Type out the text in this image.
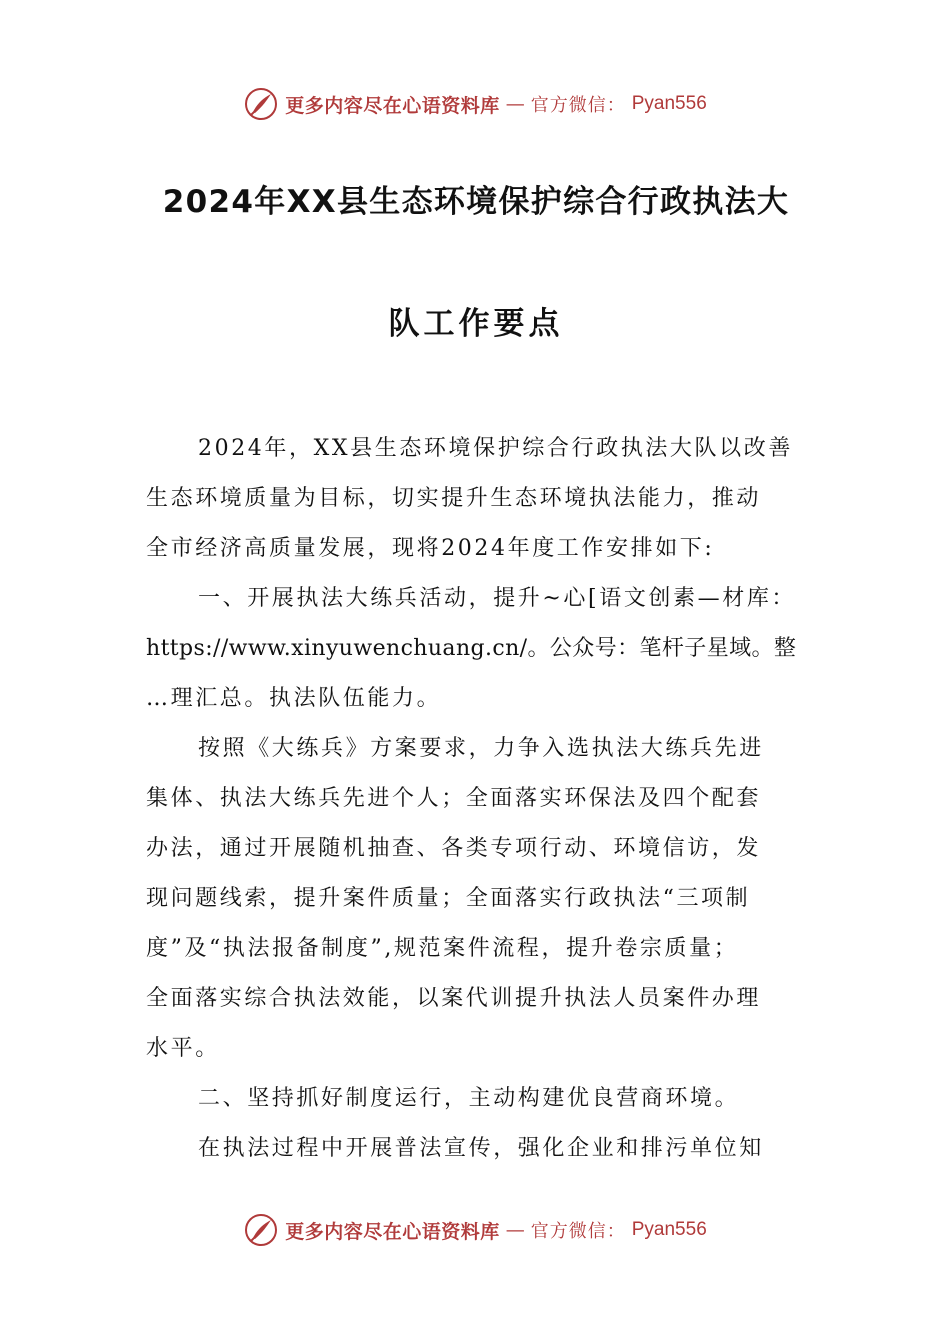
更多内容尽在心语资料库 — 官方微信： Pyan556
2024年XX县生态环境保护综合行政执法大
队工作要点
2024年，XX县生态环境保护综合行政执法大队以改善
生态环境质量为目标，切实提升生态环境执法能力，推动
全市经济高质量发展，现将2024年度工作安排如下:
一、开展执法大练兵活动，提升~心[语文创素—材库：
https://www.xinyuwenchuang.cn/。公众号：笔杆子星域。整
…理汇总。执法队伍能力。
按照《大练兵》方案要求，力争入选执法大练兵先进
集体、执法大练兵先进个人；全面落实环保法及四个配套
办法，通过开展随机抽查、各类专项行动、环境信访，发
现问题线索，提升案件质量；全面落实行政执法“三项制
度”及“执法报备制度”,规范案件流程，提升卷宗质量；
全面落实综合执法效能，以案代训提升执法人员案件办理
水平。
二、坚持抓好制度运行，主动构建优良营商环境。
在执法过程中开展普法宣传，强化企业和排污单位知
更多内容尽在心语资料库 — 官方微信： Pyan556
